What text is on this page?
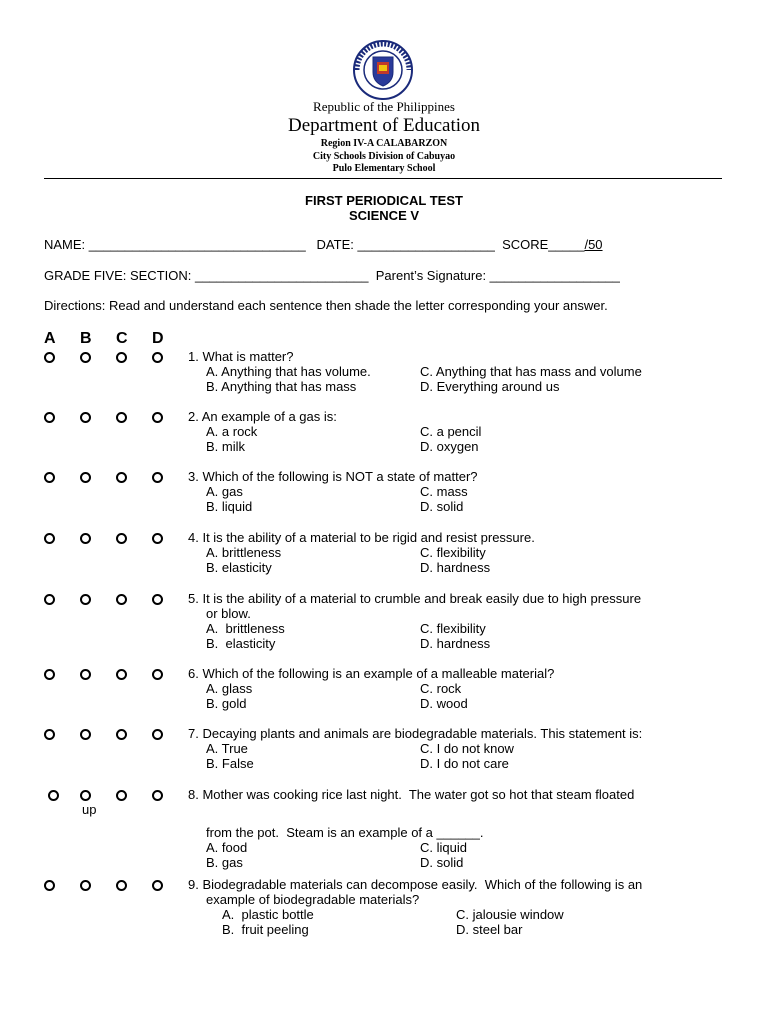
Republic of the Philippines
Department of Education
Region IV-A CALABARZON
City Schools Division of Cabuyao
Pulo Elementary School
FIRST PERIODICAL TEST
SCIENCE V
NAME: ______________________________ DATE: ___________________ SCORE_____/50
GRADE FIVE: SECTION: ________________________ Parent’s Signature: __________________
Directions: Read and understand each sentence then shade the letter corresponding your answer.
A B C D
1. What is matter?
A. Anything that has volume.	C. Anything that has mass and volume
B. Anything that has mass	D. Everything around us
2. An example of a gas is:
A. a rock	C. a pencil
B. milk	D. oxygen
3. Which of the following is NOT a state of matter?
A. gas	C. mass
B. liquid	D. solid
4. It is the ability of a material to be rigid and resist pressure.
A. brittleness	C. flexibility
B. elasticity	D. hardness
5. It is the ability of a material to crumble and break easily due to high pressure
or blow.
A.  brittleness	C. flexibility
B.  elasticity	D. hardness
6. Which of the following is an example of a malleable material?
A. glass	C. rock
B. gold	D. wood
7. Decaying plants and animals are biodegradable materials. This statement is:
A. True	C. I do not know
B. False	D. I do not care
8. Mother was cooking rice last night.  The water got so hot that steam floated
up
from the pot.  Steam is an example of a ______.
A. food	C. liquid
B. gas	D. solid
9. Biodegradable materials can decompose easily.  Which of the following is an
example of biodegradable materials?
A.  plastic bottle	C. jalousie window
B.  fruit peeling	D. steel bar
